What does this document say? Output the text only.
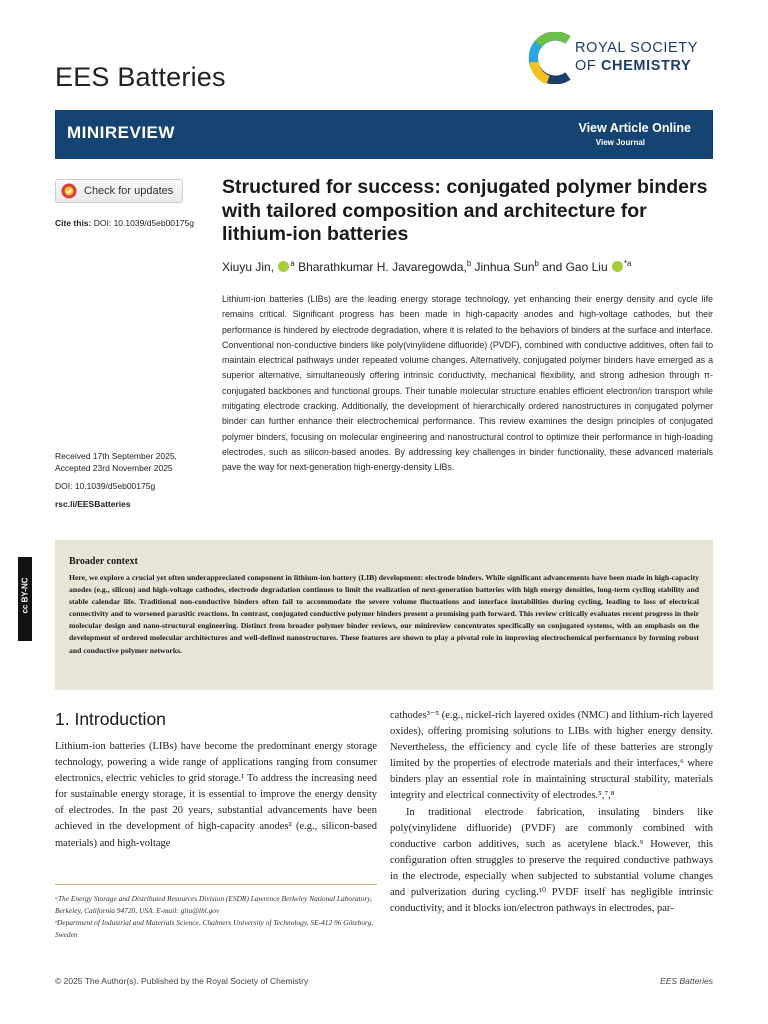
EES Batteries
ROYAL SOCIETY
OF CHEMISTRY
MINIREVIEW	View Article Online
View Journal
Check for updates
Cite this: DOI: 10.1039/d5eb00175g
Received 17th September 2025,
Accepted 23rd November 2025
DOI: 10.1039/d5eb00175g
rsc.li/EESBatteries
Structured for success: conjugated polymer binders with tailored composition and architecture for lithium-ion batteries
Xiuyu Jin, $^a$ Bharathkumar H. Javaregowda,$^b$ Jinhua Sun$^b$ and Gao Liu $^{*a}$
Lithium-ion batteries (LIBs) are the leading energy storage technology, yet enhancing their energy density and cycle life remains critical. Significant progress has been made in high-capacity anodes and high-voltage cathodes, but their performance is hindered by electrode degradation, where it is related to the behaviors of binders at the surface and interface. Conventional non-conductive binders like poly(vinylidene difluoride) (PVDF), combined with conductive additives, often fail to maintain electrical pathways under repeated volume changes. Alternatively, conjugated polymer binders have emerged as a superior alternative, simultaneously offering intrinsic conductivity, mechanical flexibility, and strong adhesion through π-conjugated backbones and functional groups. Their tunable molecular structure enables efficient electron/ion transport while mitigating electrode cracking. Additionally, the development of hierarchically ordered nanostructures in conjugated polymer binder can further enhance their electrochemical performance. This review examines the design principles of conjugated polymer binders, focusing on molecular engineering and nanostructural control to optimize their performance in high-loading electrodes, such as silicon-based anodes. By addressing key challenges in binder functionality, these advanced materials pave the way for next-generation high-energy-density LIBs.
cc BY-NC
Broader context
Here, we explore a crucial yet often underappreciated component in lithium-ion battery (LIB) development: electrode binders. While significant advancements have been made in high-capacity anodes (e.g., silicon) and high-voltage cathodes, electrode degradation continues to limit the realization of next-generation batteries with high energy densities, long-term cycling stability and stable calendar life. Traditional non-conductive binders often fail to accommodate the severe volume fluctuations and interface instabilities during cycling, leading to loss of electrical connectivity and to worsened parasitic reactions. In contrast, conjugated conductive polymer binders present a promising path forward. This review critically evaluates recent progress in their molecular design and nano-structural engineering. Distinct from broader polymer binder reviews, our minireview concentrates specifically on conjugated systems, with an emphasis on the development of ordered molecular architectures and well-defined nanostructures. These features are shown to play a pivotal role in improving electrochemical performance by forming robust and conductive polymer networks.
1. Introduction
Lithium-ion batteries (LIBs) have become the predominant energy storage technology, powering a wide range of applications ranging from consumer electronics, electric vehicles to grid storage.¹ To address the increasing need for sustainable energy storage, it is essential to improve the energy density of electrodes. In the past 20 years, substantial advancements have been achieved in the development of high-capacity anodes² (e.g., silicon-based materials) and high-voltage
ᵃThe Energy Storage and Distributed Resources Division (ESDR) Lawrence Berkeley National Laboratory, Berkeley, California 94720, USA. E-mail: gliu@lbl.gov
ᵇDepartment of Industrial and Materials Science, Chalmers University of Technology, SE-412 96 Göteborg, Sweden

cathodes³⁻⁵ (e.g., nickel-rich layered oxides (NMC) and lithium-rich layered oxides), offering promising solutions to LIBs with higher energy density. Nevertheless, the efficiency and cycle life of these batteries are strongly limited by the properties of electrode materials and their interfaces,⁶ where binders play an essential role in maintaining structural stability, materials integrity and electrical connectivity of electrodes.⁵,⁷,⁸

In traditional electrode fabrication, insulating binders like poly(vinylidene difluoride) (PVDF) are commonly combined with conductive carbon additives, such as acetylene black.⁹ However, this configuration often struggles to preserve the required conductive pathways in the electrode, especially when subjected to substantial volume changes and pulverization during cycling.¹⁰ PVDF itself has negligible intrinsic conductivity, and it blocks ion/electron pathways in electrodes, par-

© 2025 The Author(s). Published by the Royal Society of Chemistry	EES Batteries
